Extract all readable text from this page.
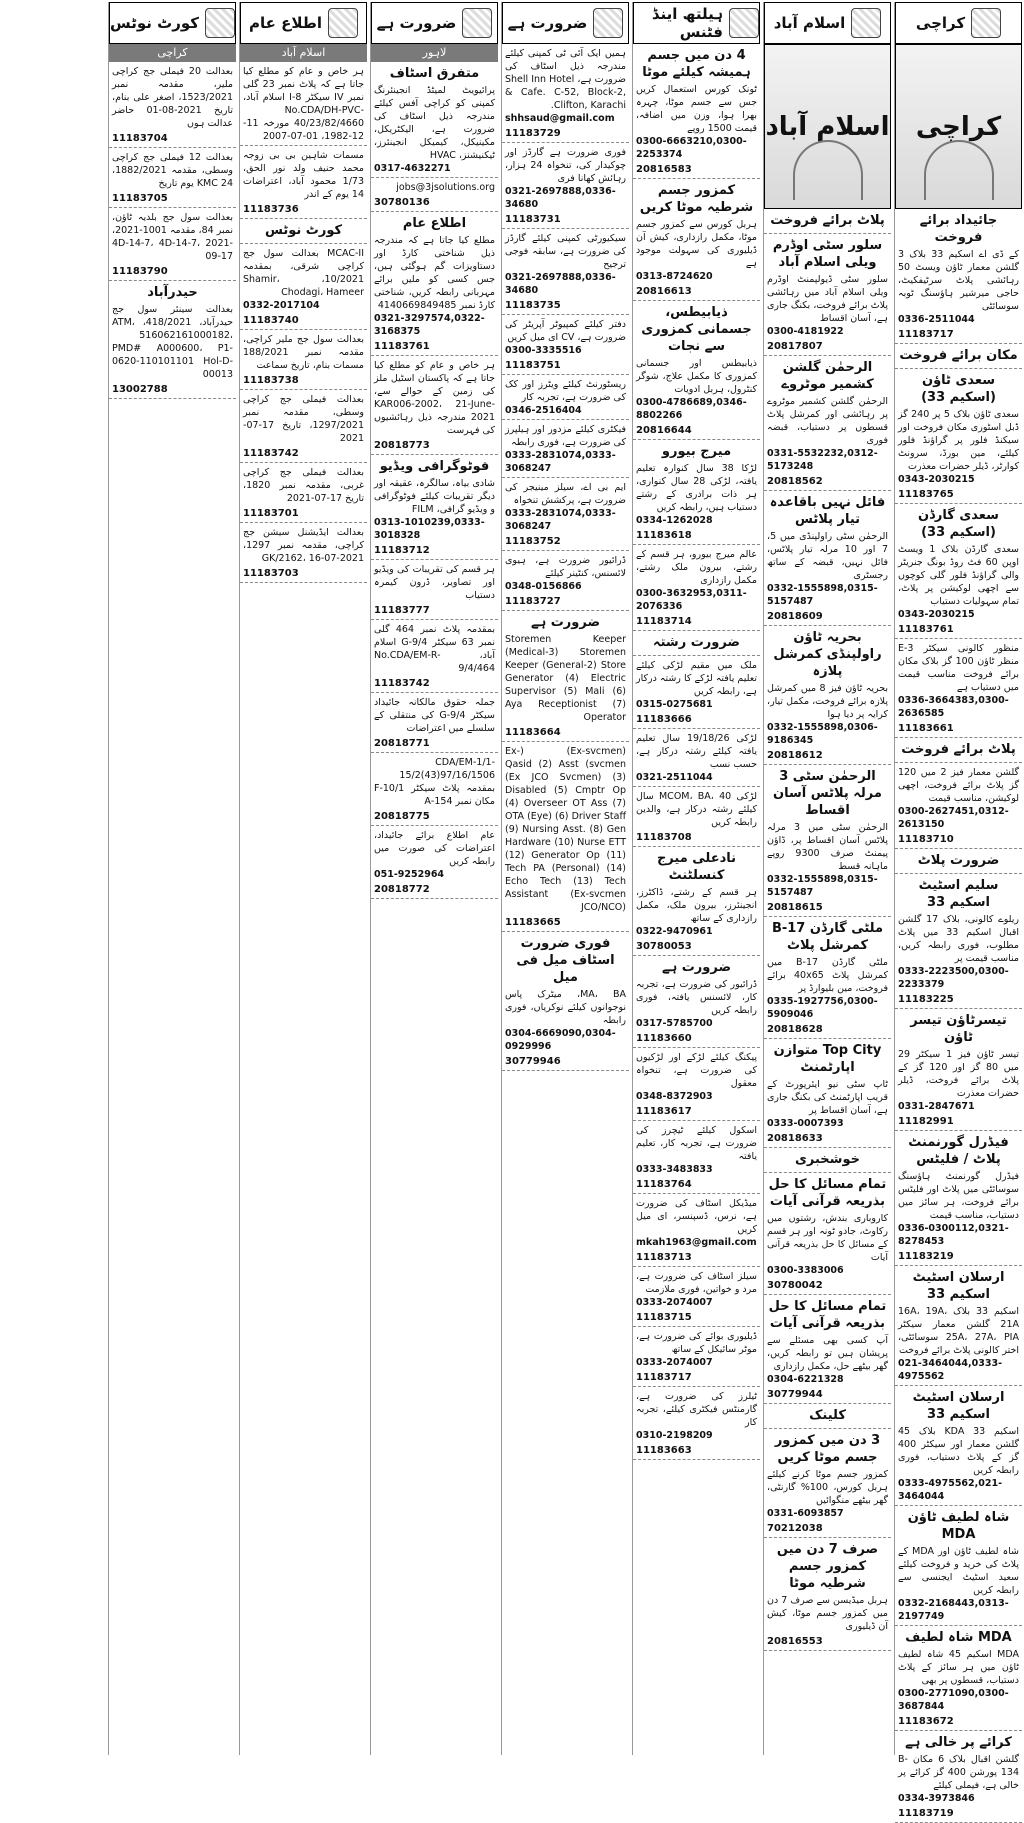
کراچی
کراچی
جائیداد برائے فروخت
کے ڈی اے اسکیم 33 بلاک 3 گلشن معمار ٹاؤن ویسٹ 50 رہائشی پلاٹ سرٹیفکیٹ، حاجی میرشیر ہاؤسنگ ٹوبہ سوسائٹی
0336-2511044
11183717
مکان برائے فروخت
سعدی ٹاؤن (اسکیم 33)
سعدی ٹاؤن بلاک 5 پر 240 گز ڈبل اسٹوری مکان فروخت اور سیکنڈ فلور پر گراؤنڈ فلور کیلئے، مین بورڈ، سرونٹ کوارٹر، ڈیلر حضرات معذرت
0343-2030215
11183765
سعدی گارڈن (اسکیم 33)
سعدی گارڈن بلاک 1 ویسٹ اوپن 60 فٹ روڈ بونگ جنریٹر والی گراؤنڈ فلور گلی کوچوں سے اچھی لوکیشن پر پلاٹ، تمام سہولیات دستیاب
0343-2030215
11183761
منظور کالونی سیکٹر E-3 منظر ٹاؤن 100 گز بلاک مکان برائے فروخت مناسب قیمت میں دستیاب ہے
0336-3664383,0300-2636585
11183661
پلاٹ برائے فروخت
گلشن معمار فیز 2 میں 120 گز پلاٹ برائے فروخت، اچھی لوکیشن، مناسب قیمت
0300-2627451,0312-2613150
11183710
ضرورت پلاٹ
سلیم اسٹیٹ اسکیم 33
ریلوے کالونی، بلاک 17 گلشن اقبال اسکیم 33 میں پلاٹ مطلوب، فوری رابطہ کریں، مناسب قیمت پر
0333-2223500,0300-2233379
11183225
تیسرٹاؤن تیسر ٹاؤن
تیسر ٹاؤن فیز 1 سیکٹر 29 میں 80 گز اور 120 گز کے پلاٹ برائے فروخت، ڈیلر حضرات معذرت
0331-2847671
11182991
فیڈرل گورنمنٹ پلاٹ / فلیٹس
فیڈرل گورنمنٹ ہاؤسنگ سوسائٹی میں پلاٹ اور فلیٹس برائے فروخت، ہر سائز میں دستیاب، مناسب قیمت
0336-0300112,0321-8278453
11183219
ارسلان اسٹیٹ اسکیم 33
اسکیم 33 بلاک 16A، 19A، 21A گلشن معمار سیکٹر 25A، 27A، PIA سوسائٹی، اختر کالونی پلاٹ برائے فروخت
021-3464044,0333-4975562
ارسلان اسٹیٹ اسکیم 33
اسکیم 33 KDA بلاک 45 گلشن معمار اور سیکٹر 400 گز کے پلاٹ دستیاب، فوری رابطہ کریں
0333-4975562,021-3464044
شاہ لطیف ٹاؤن MDA
شاہ لطیف ٹاؤن اور MDA کے پلاٹ کی خرید و فروخت کیلئے سعید اسٹیٹ ایجنسی سے رابطہ کریں
0332-2168443,0313-2197749
MDA شاہ لطیف
MDA اسکیم 45 شاہ لطیف ٹاؤن میں ہر سائز کے پلاٹ دستیاب، قسطوں پر بھی
0300-2771090,0300-3687844
11183672
کرائے پر خالی ہے
گلشن اقبال بلاک 6 مکان B-134 پورشن 400 گز کرائے پر خالی ہے، فیملی کیلئے
0334-3973846
11183719
اسلام آباد
اسلام آباد
پلاٹ برائے فروخت
سلور سٹی اوڈرم ویلی اسلام آباد
سلور سٹی ڈیولپمنٹ اوڈرم ویلی اسلام آباد میں رہائشی پلاٹ برائے فروخت، بکنگ جاری ہے، آسان اقساط
0300-4181922
20817807
الرحمٰن گلشن کشمیر موٹروے
الرحمٰن گلشن کشمیر موٹروے پر رہائشی اور کمرشل پلاٹ قسطوں پر دستیاب، قبضہ فوری
0331-5532232,0312-5173248
20818562
فائل نہیں باقاعدہ تیار پلاٹس
الرحمٰن سٹی راولپنڈی میں 5، 7 اور 10 مرلہ تیار پلاٹس، فائل نہیں، قبضہ کے ساتھ رجسٹری
0332-1555898,0315-5157487
20818609
بحریہ ٹاؤن راولپنڈی کمرشل پلازہ
بحریہ ٹاؤن فیز 8 میں کمرشل پلازہ برائے فروخت، مکمل تیار، کرایہ پر دیا ہوا
0332-1555898,0306-9186345
20818612
الرحمٰن سٹی 3 مرلہ پلاٹس آسان اقساط
الرحمٰن سٹی میں 3 مرلہ پلاٹس آسان اقساط پر، ڈاؤن پیمنٹ صرف 9300 روپے ماہانہ قسط
0332-1555898,0315-5157487
20818615
ملٹی گارڈن B-17 کمرشل پلاٹ
ملٹی گارڈن B-17 میں کمرشل پلاٹ 40x65 برائے فروخت، مین بلیوارڈ پر
0335-1927756,0300-5909046
20818628
Top City متوازن اپارٹمنٹ
ٹاپ سٹی نیو ایئرپورٹ کے قریب اپارٹمنٹ کی بکنگ جاری ہے، آسان اقساط پر
0333-0007393
20818633
خوشخبری
تمام مسائل کا حل بذریعہ قرآنی آیات
کاروباری بندش، رشتوں میں رکاوٹ، جادو ٹونہ اور ہر قسم کے مسائل کا حل بذریعہ قرآنی آیات
0300-3383006
30780042
تمام مسائل کا حل بذریعہ قرآنی آیات
آپ کسی بھی مسئلے سے پریشان ہیں تو رابطہ کریں، گھر بیٹھے حل، مکمل رازداری
0304-6221328
30779944
کلینک
3 دن میں کمزور جسم موٹا کریں
کمزور جسم موٹا کرنے کیلئے ہربل کورس، 100% گارنٹی، گھر بیٹھے منگوائیں
0331-6093857
70212038
صرف 7 دن میں کمزور جسم شرطیہ موٹا
ہربل میڈیسن سے صرف 7 دن میں کمزور جسم موٹا، کیش آن ڈیلیوری
20816553
ہیلتھ اینڈ فٹنس
4 دن میں جسم ہمیشہ کیلئے موٹا
ٹونک کورس استعمال کریں جس سے جسم موٹا، چہرہ بھرا ہوا، وزن میں اضافہ، قیمت 1500 روپے
0300-6663210,0300-2253374
20816583
کمزور جسم شرطیہ موٹا کریں
ہربل کورس سے کمزور جسم موٹا، مکمل رازداری، کیش آن ڈیلیوری کی سہولت موجود ہے
0313-8724620
20816613
ذیابیطس، جسمانی کمزوری سے نجات
ذیابیطس اور جسمانی کمزوری کا مکمل علاج، شوگر کنٹرول، ہربل ادویات
0300-4786689,0346-8802266
20816644
میرج بیورو
لڑکا 38 سال کنوارہ تعلیم یافتہ، لڑکی 28 سال کنواری، ہر ذات برادری کے رشتے دستیاب ہیں، رابطہ کریں
0334-1262028
11183618
عالم میرج بیورو، ہر قسم کے رشتے، بیرون ملک رشتے، مکمل رازداری
0300-3632953,0311-2076336
11183714
ضرورت رشتہ
ملک میں مقیم لڑکی کیلئے تعلیم یافتہ لڑکے کا رشتہ درکار ہے، رابطہ کریں
0315-0275681
11183666
لڑکی 19/18/26 سال تعلیم یافتہ کیلئے رشتہ درکار ہے، حسب نسب
0321-2511044
لڑکی MCOM، BA، 40 سال کیلئے رشتہ درکار ہے، والدین رابطہ کریں
11183708
نادعلی میرج کنسلٹنٹ
ہر قسم کے رشتے، ڈاکٹرز، انجینئرز، بیرون ملک، مکمل رازداری کے ساتھ
0322-9470961
30780053
ضرورت ہے
ڈرائیور کی ضرورت ہے، تجربہ کار، لائسنس یافتہ، فوری رابطہ کریں
0317-5785700
11183660
پیکنگ کیلئے لڑکے اور لڑکیوں کی ضرورت ہے، تنخواہ معقول
0348-8372903
11183617
اسکول کیلئے ٹیچرز کی ضرورت ہے، تجربہ کار، تعلیم یافتہ
0333-3483833
11183764
میڈیکل اسٹاف کی ضرورت ہے، نرس، ڈسپنسر، ای میل کریں
mkah1963@gmail.com
11183713
سیلز اسٹاف کی ضرورت ہے، مرد و خواتین، فوری ملازمت
0333-2074007
11183715
ڈیلیوری بوائے کی ضرورت ہے، موٹر سائیکل کے ساتھ
0333-2074007
11183717
ٹیلرز کی ضرورت ہے، گارمنٹس فیکٹری کیلئے، تجربہ کار
0310-2198209
11183663
ضرورت ہے
ہمیں ایک آئی ٹی کمپنی کیلئے مندرجہ ذیل اسٹاف کی ضرورت ہے، Shell Inn Hotel & Cafe. C-52, Block-2, Clifton, Karachi.
shhsaud@gmail.com
11183729
فوری ضرورت ہے گارڈز اور چوکیدار کی، تنخواہ 24 ہزار، رہائش کھانا فری
0321-2697888,0336-34680
11183731
سیکیورٹی کمپنی کیلئے گارڈز کی ضرورت ہے، سابقہ فوجی ترجیح
0321-2697888,0336-34680
11183735
دفتر کیلئے کمپیوٹر آپریٹر کی ضرورت ہے، CV ای میل کریں
0300-3335516
11183751
ریسٹورنٹ کیلئے ویٹرز اور کک کی ضرورت ہے، تجربہ کار
0346-2516404
فیکٹری کیلئے مزدور اور ہیلپرز کی ضرورت ہے، فوری رابطہ
0333-2831074,0333-3068247
ایم بی اے، سیلز مینیجر کی ضرورت ہے، پرکشش تنخواہ
0333-2831074,0333-3068247
11183752
ڈرائیور ضرورت ہے، ہیوی لائسنس، کنٹینر کیلئے
0348-0156866
11183727
ضرورت ہے
Storemen Keeper (Medical-3) Storemen Keeper (General-2) Store Generator (4) Electric Supervisor (5) Mali (6) Aya Receptionist (7) Operator
11183664
(Ex-svcmen) (Ex-svcmen) Qasid (2) Asst (Ex JCO Svcmen) (3) Disabled (5) Cmptr Op (4) Overseer OT Ass (7) OTA (Eye) (6) Driver Staff (9) Nursing Asst. (8) Gen Hardware (10) Nurse ETT (12) Generator Op (11) Tech PA (Personal) (14) Echo Tech (13) Tech Assistant (Ex-svcmen JCO/NCO)
11183665
فوری ضرورت اسٹاف میل فی میل
MA، BA، میٹرک پاس نوجوانوں کیلئے نوکریاں، فوری رابطہ
0304-6669090,0304-0929996
30779946
ضرورت ہے
لاہور
متفرق اسٹاف
پرائیویٹ لمیٹڈ انجینئرنگ کمپنی کو کراچی آفس کیلئے مندرجہ ذیل اسٹاف کی ضرورت ہے، الیکٹریکل، مکینیکل، کیمیکل انجینئرز، ٹیکنیشنز، HVAC
0317-4632271
jobs@3jsolutions.org
30780136
اطلاع عام
مطلع کیا جاتا ہے کہ مندرجہ ذیل شناختی کارڈ اور دستاویزات گم ہوگئی ہیں، جس کسی کو ملیں برائے مہربانی رابطہ کریں، شناختی کارڈ نمبر 4140669849485
0321-3297574,0322-3168375
11183761
ہر خاص و عام کو مطلع کیا جاتا ہے کہ پاکستان اسٹیل ملز کی زمین کے حوالے سے، KAR006-2002، 21-June-2021 مندرجہ ذیل رہائشیوں کی فہرست
20818773
فوٹوگرافی ویڈیو
شادی بیاہ، سالگرہ، عقیقہ اور دیگر تقریبات کیلئے فوٹوگرافی و ویڈیو گرافی، FILM
0313-1010239,0333-3018328
11183712
ہر قسم کی تقریبات کی ویڈیو اور تصاویر، ڈرون کیمرہ دستیاب
11183777
بمقدمہ پلاٹ نمبر 464 گلی نمبر 63 سیکٹر G-9/4 اسلام آباد، No.CDA/EM-R-9/4/464
11183742
جملہ حقوق مالکانہ جائیداد سیکٹر G-9/4 کی منتقلی کے سلسلے میں اعتراضات
20818771
CDA/EM-1/1-15/2(43)97/16/1506 بمقدمہ پلاٹ سیکٹر F-10/1 مکان نمبر 154-A
20818775
عام اطلاع برائے جائیداد، اعتراضات کی صورت میں رابطہ کریں
051-9252964
20818772
اطلاع عام
اسلام آباد
ہر خاص و عام کو مطلع کیا جاتا ہے کہ پلاٹ نمبر 23 گلی نمبر IV سیکٹر I-8 اسلام آباد، No.CDA/DH-PVC-40/23/82/4660 مورخہ 11-12-1982، 01-07-2007
مسمات شاہین بی بی زوجہ محمد حنیف ولد نور الحق، 1/73 محمود آباد، اعتراضات 14 یوم کے اندر
11183736
کورٹ نوٹس
MCAC-II بعدالت سول جج کراچی شرقی، بمقدمہ 10/2021، Shamir، Chodagi، Hameer
0332-2017104
11183740
بعدالت سول جج ملیر کراچی، مقدمہ نمبر 188/2021 مسمات بنام، تاریخ سماعت
11183738
بعدالت فیملی جج کراچی وسطی، مقدمہ نمبر 1297/2021، تاریخ 17-07-2021
11183742
بعدالت فیملی جج کراچی غربی، مقدمہ نمبر 1820، تاریخ 17-07-2021
11183701
بعدالت ایڈیشنل سیشن جج کراچی، مقدمہ نمبر 1297، GK/2162، 16-07-2021
11183703
کورٹ نوٹس
کراچی
بعدالت 20 فیملی جج کراچی ملیر، مقدمہ نمبر 1523/2021، اصغر علی بنام، تاریخ 2021-08-01 حاضر عدالت ہوں
11183704
بعدالت 12 فیملی جج کراچی وسطی، مقدمہ 1882/2021، KMC 24 یوم تاریخ
11183705
بعدالت سول جج بلدیہ ٹاؤن، نمبر 84، مقدمہ 1001-2021، 4D-14-7، 4D-14-7، 2021-09-17
11183790
حیدرآباد
بعدالت سینئر سول جج حیدرآباد، 418/2021، ATM، 516062161000182، PMD# A000600، P1-0620-110101101 Hol-D-00013
13002788
